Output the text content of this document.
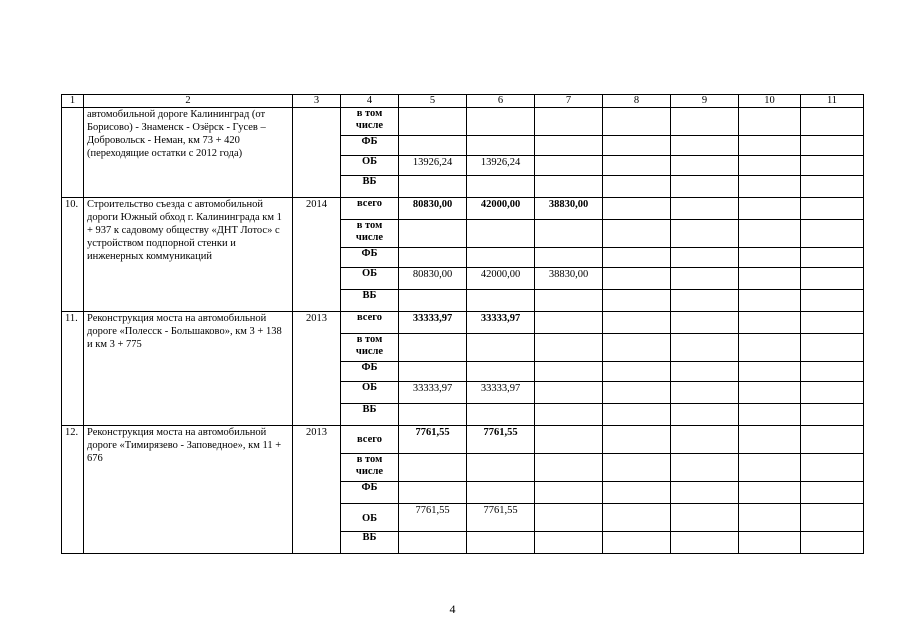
1	2	3	4	5	6	7	8	9	10	11
	автомобильной дороге Калининград (от Борисово) - Знаменск - Озёрск - Гусев – Добровольск - Неман, км 73 + 420 (переходящие остатки с 2012 года)		в том числе							
			ФБ							
			ОБ	13926,24	13926,24					
			ВБ							
10.	Строительство съезда с автомобильной дороги Южный обход г. Калининграда км 1 + 937 к садовому обществу «ДНТ Лотос» с устройством подпорной стенки и инженерных коммуникаций	2014	всего	80830,00	42000,00	38830,00				
			в том числе							
			ФБ							
			ОБ	80830,00	42000,00	38830,00				
			ВБ							
11.	Реконструкция моста на автомобильной дороге «Полесск - Большаково», км 3 + 138 и км 3 + 775	2013	всего	33333,97	33333,97					
			в том числе							
			ФБ							
			ОБ	33333,97	33333,97					
			ВБ							
12.	Реконструкция моста на автомобильной дороге «Тимирязево - Заповедное», км 11 + 676	2013	всего	7761,55	7761,55					
			в том числе							
			ФБ							
			ОБ	7761,55	7761,55					
			ВБ							
4
